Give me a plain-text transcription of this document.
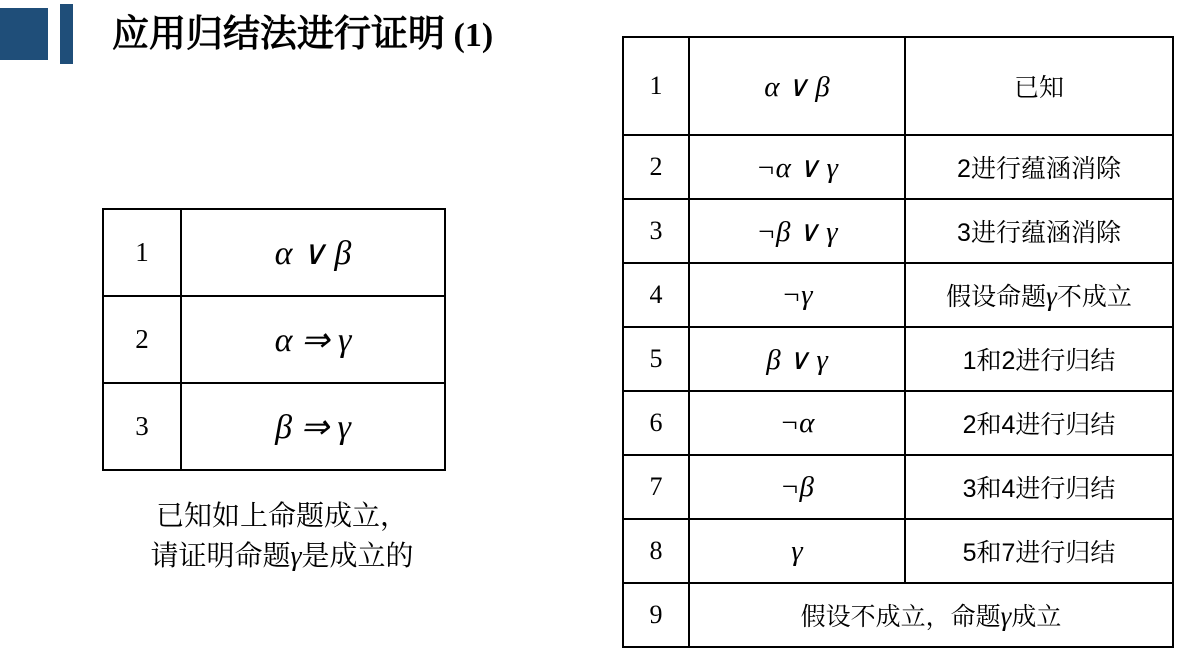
应用归结法进行证明 (1)
1	α ∨ β
2	α ⇒ γ
3	β ⇒ γ
已知如上命题成立，
请证明命题γ是成立的
1	α ∨ β	已知
2	¬α ∨ γ	2进行蕴涵消除
3	¬β ∨ γ	3进行蕴涵消除
4	¬γ	假设命题γ不成立
5	β ∨ γ	1和2进行归结
6	¬α	2和4进行归结
7	¬β	3和4进行归结
8	γ	5和7进行归结
9	假设不成立，命题γ成立	
